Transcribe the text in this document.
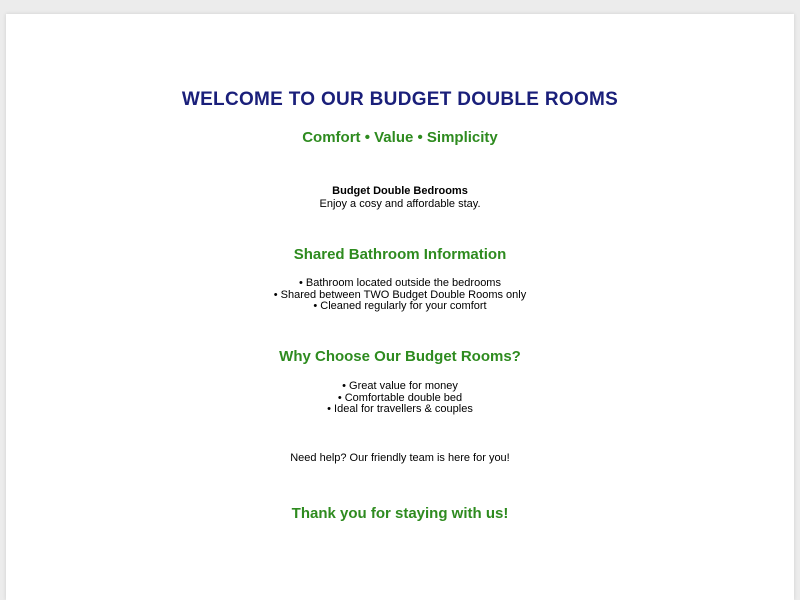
WELCOME TO OUR BUDGET DOUBLE ROOMS

Comfort • Value • Simplicity

Budget Double Bedrooms
Enjoy a cosy and affordable stay.
Shared Bathroom Information
• Bathroom located outside the bedrooms
• Shared between TWO Budget Double Rooms only
• Cleaned regularly for your comfort
Why Choose Our Budget Rooms?
• Great value for money
• Comfortable double bed
• Ideal for travellers & couples
Need help? Our friendly team is here for you!

Thank you for staying with us!
